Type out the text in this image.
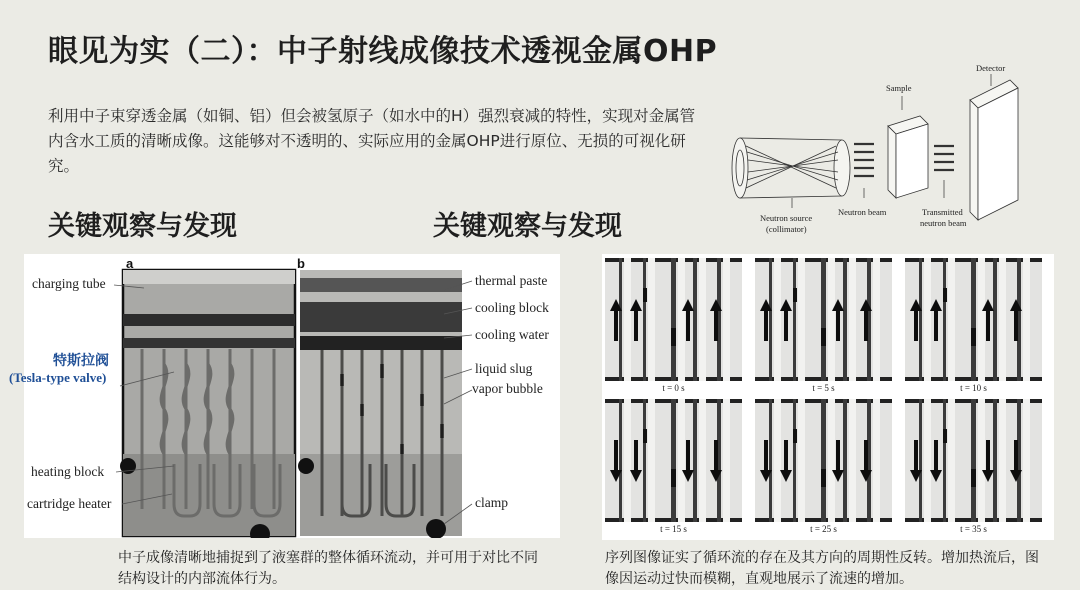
眼见为实（二）：中子射线成像技术透视金属OHP
利用中子束穿透金属（如铜、铝）但会被氢原子（如水中的H）强烈衰减的特性，实现对金属管内含水工质的清晰成像。这能够对不透明的、实际应用的金属OHP进行原位、无损的可视化研究。
关键观察与发现	关键观察与发现
Detector
Sample
Neutron source
(collimator)
Neutron beam	Transmitted
neutron beam
a	b
charging tube
特斯拉阀
(Tesla-type valve)
heating block
cartridge heater
thermal paste
cooling block
cooling water
liquid slug
vapor bubble
clamp
t = 0 s	t = 5 s	t = 10 s
t = 15 s	t = 25 s	t = 35 s
中子成像清晰地捕捉到了液塞群的整体循环流动，并可用于对比不同结构设计的内部流体行为。
序列图像证实了循环流的存在及其方向的周期性反转。增加热流后，图像因运动过快而模糊，直观地展示了流速的增加。
